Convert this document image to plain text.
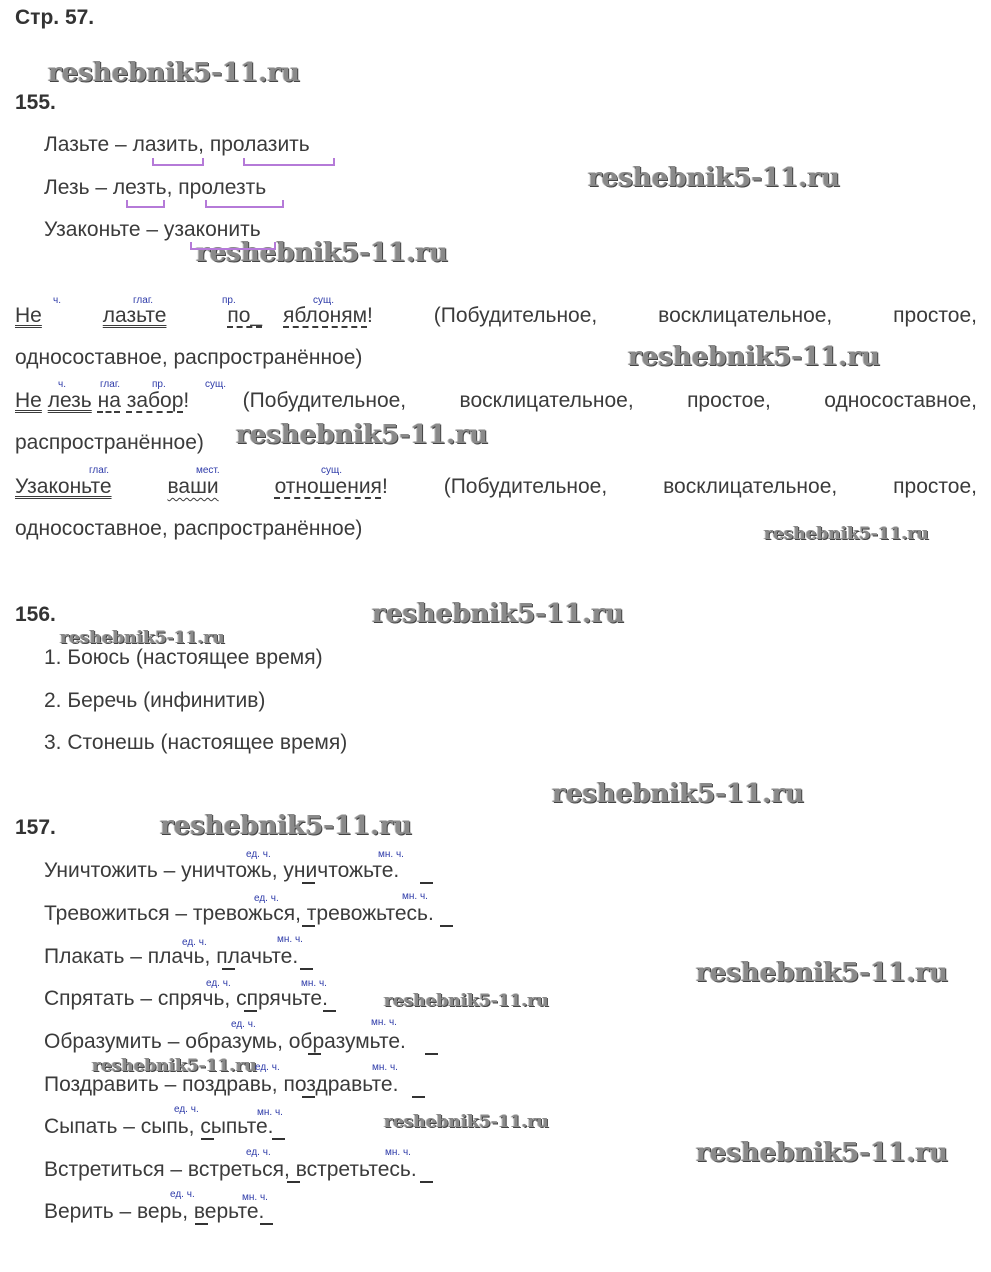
Стр. 57.
reshebnik5-11.ru
reshebnik5-11.ru
reshebnik5-11.ru
reshebnik5-11.ru
reshebnik5-11.ru
reshebnik5-11.ru
reshebnik5-11.ru
reshebnik5-11.ru
reshebnik5-11.ru
reshebnik5-11.ru
reshebnik5-11.ru
reshebnik5-11.ru
reshebnik5-11.ru
reshebnik5-11.ru
reshebnik5-11.ru
155.
Лазьте – лазить, пролазить
Лезь – лезть, пролезть
Узаконьте – узаконить
ч.	глаг.	пр.	сущ.
Не	лазьте	по_ яблоням!	(Побудительное,	восклицательное,	простое,
односоставное, распространённое)
ч.	глаг.	пр.	сущ.
Не лезь на забор!	(Побудительное,	восклицательное,	простое,	односоставное,
распространённое)
глаг.	мест.	сущ.
Узаконьте	ваши	отношения!	(Побудительное,	восклицательное,	простое,
односоставное, распространённое)
156.
1. Боюсь (настоящее время)
2. Беречь (инфинитив)
3. Стонешь (настоящее время)
157.
ед. ч.	мн. ч.
ед. ч.	мн. ч.
ед. ч.	мн. ч.
ед. ч.	мн. ч.
ед. ч.	мн. ч.
ед. ч.	мн. ч.
ед. ч.	мн. ч.
ед. ч.	мн. ч.
ед. ч.	мн. ч.
Уничтожить – уничтожь, уничтожьте.
Тревожиться – тревожься, тревожьтесь.
Плакать – плачь, плачьте.
Спрятать – спрячь, спрячьте.
Образумить – образумь, образумьте.
Поздравить – поздравь, поздравьте.
Сыпать – сыпь, сыпьте.
Встретиться – встреться, встретьтесь.
Верить – верь, верьте.
